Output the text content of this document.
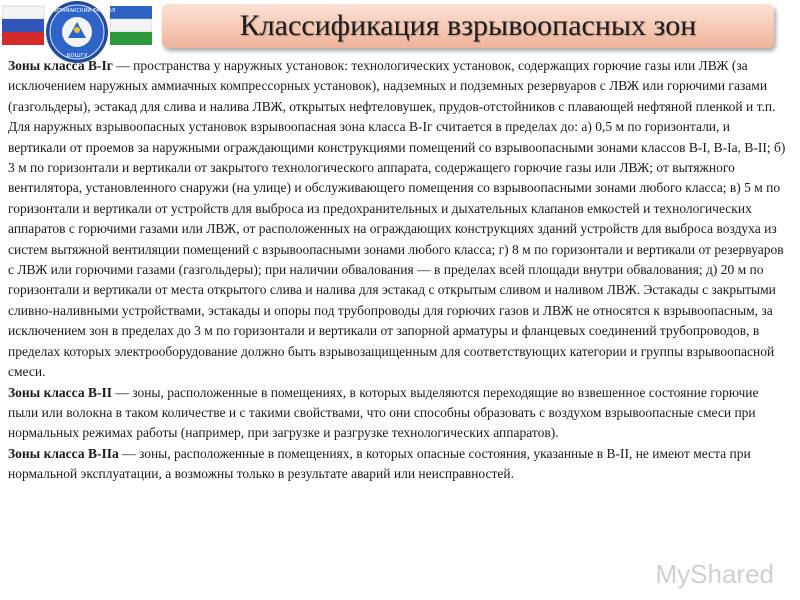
СТЕРЛИТАМАКСКИЙ ФИЛИАЛ
БОШГУ
Классификация взрывоопасных зон

Зоны класса В-Iг — пространства у наружных установок: технологических установок, содержащих горючие газы или ЛВЖ (за исключением наружных аммиачных компрессорных установок), надземных и подземных резервуаров с ЛВЖ или горючими газами (газгольдеры), эстакад для слива и налива ЛВЖ, открытых нефтеловушек, прудов-отстойников с плавающей нефтяной пленкой и т.п.

Для наружных взрывоопасных установок взрывоопасная зона класса В-Iг считается в пределах до: а) 0,5 м по горизонтали, и вертикали от проемов за наружными ограждающими конструкциями помещений со взрывоопасными зонами классов В-I, В-Iа, В-II; б) 3 м по горизонтали и вертикали от закрытого технологического аппарата, содержащего горючие газы или ЛВЖ; от вытяжного вентилятора, установленного снаружи (на улице) и обслуживающего помещения со взрывоопасными зонами любого класса; в) 5 м по горизонтали и вертикали от устройств для выброса из предохранительных и дыхательных клапанов емкостей и технологических аппаратов с горючими газами или ЛВЖ, от расположенных на ограждающих конструкциях зданий устройств для выброса воздуха из систем вытяжной вентиляции помещений с взрывоопасными зонами любого класса; г) 8 м по горизонтали и вертикали от резервуаров с ЛВЖ или горючими газами (газгольдеры); при наличии обвалования — в пределах всей площади внутри обвалования; д) 20 м по горизонтали и вертикали от места открытого слива и налива для эстакад с открытым сливом и наливом ЛВЖ. Эстакады с закрытыми сливно-наливными устройствами, эстакады и опоры под трубопроводы для горючих газов и ЛВЖ не относятся к взрывоопасным, за исключением зон в пределах до 3 м по горизонтали и вертикали от запорной арматуры и фланцевых соединений трубопроводов, в пределах которых электрооборудование должно быть взрывозащищенным для соответствующих категории и группы взрывоопасной смеси.

Зоны класса В-II — зоны, расположенные в помещениях, в которых выделяются переходящие во взвешенное состояние горючие пыли или волокна в таком количестве и с такими свойствами, что они способны образовать с воздухом взрывоопасные смеси при нормальных режимах работы (например, при загрузке и разгрузке технологических аппаратов).

Зоны класса В-IIа — зоны, расположенные в помещениях, в которых опасные состояния, указанные в В-II, не имеют места при нормальной эксплуатации, а возможны только в результате аварий или неисправностей.

MyShared
